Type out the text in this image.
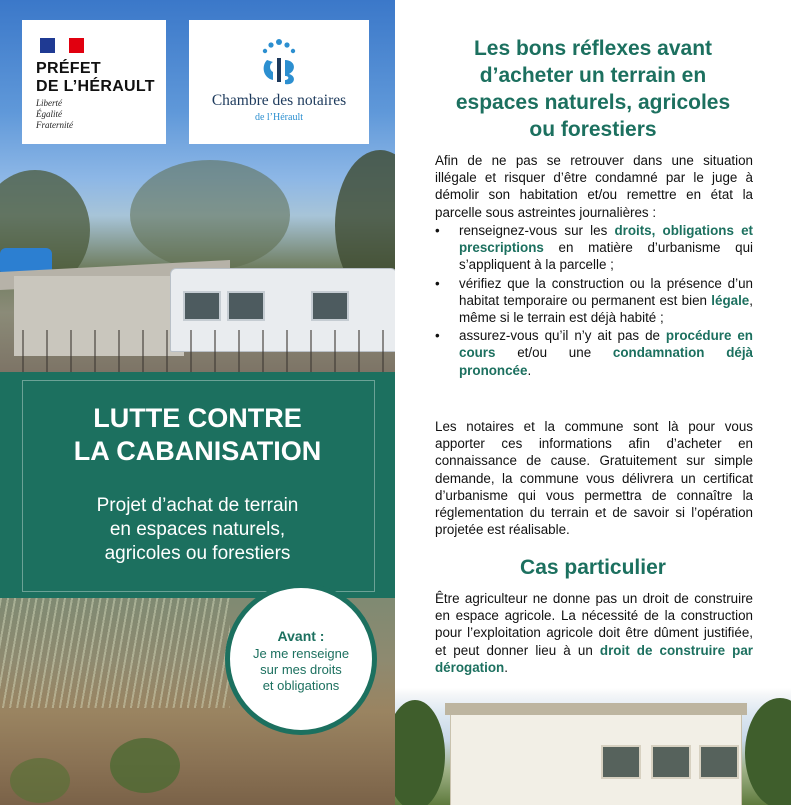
PRÉFET
DE L’HÉRAULT
Liberté
Égalité
Fraternité
Chambre des notaires
de l’Hérault
LUTTE CONTRE
LA CABANISATION
Projet d’achat de terrain
en espaces naturels,
agricoles ou forestiers
Avant :
Je me renseigne
sur mes droits
et obligations
Les bons réflexes avant
d’acheter un terrain en
espaces naturels, agricoles
ou forestiers
Afin de ne pas se retrouver dans une situation illégale et risquer d’être condamné par le juge à démolir son habitation et/ou remettre en état la parcelle sous astreintes journalières :
• renseignez-vous sur les droits, obligations et prescriptions en matière d’urbanisme qui s’appliquent à la parcelle ;
• vérifiez que la construction ou la présence d’un habitat temporaire ou permanent est bien légale, même si le terrain est déjà habité ;
• assurez-vous qu’il n’y ait pas de procédure en cours et/ou une condamnation déjà prononcée.
Les notaires et la commune sont là pour vous apporter ces informations afin d’acheter en connaissance de cause. Gratuitement sur simple demande, la commune vous délivrera un certificat d’urbanisme qui vous permettra de connaître la réglementation du terrain et de savoir si l’opération projetée est réalisable.
Cas particulier
Être agriculteur ne donne pas un droit de construire en espace agricole. La nécessité de la construction pour l’exploitation agricole doit être dûment justifiée, et peut donner lieu à un droit de construire par dérogation.
